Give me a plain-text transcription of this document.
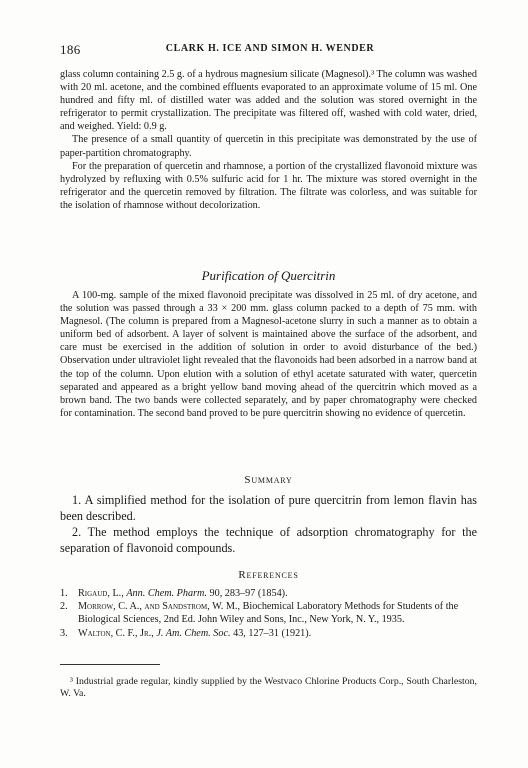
186	CLARK H. ICE AND SIMON H. WENDER

glass column containing 2.5 g. of a hydrous magnesium silicate (Magnesol).³ The column was washed with 20 ml. acetone, and the combined effluents evaporated to an approximate volume of 15 ml. One hundred and fifty ml. of distilled water was added and the solution was stored overnight in the refrigerator to permit crystallization. The precipitate was filtered off, washed with cold water, dried, and weighed. Yield: 0.9 g.

The presence of a small quantity of quercetin in this precipitate was demonstrated by the use of paper-partition chromatography.

For the preparation of quercetin and rhamnose, a portion of the crystallized flavonoid mixture was hydrolyzed by refluxing with 0.5% sulfuric acid for 1 hr. The mixture was stored overnight in the refrigerator and the quercetin removed by filtration. The filtrate was colorless, and was suitable for the isolation of rhamnose without decolorization.

Purification of Quercitrin

A 100-mg. sample of the mixed flavonoid precipitate was dissolved in 25 ml. of dry acetone, and the solution was passed through a 33 × 200 mm. glass column packed to a depth of 75 mm. with Magnesol. (The column is prepared from a Magnesol-acetone slurry in such a manner as to obtain a uniform bed of adsorbent. A layer of solvent is maintained above the surface of the adsorbent, and care must be exercised in the addition of solution in order to avoid disturbance of the bed.) Observation under ultraviolet light revealed that the flavonoids had been adsorbed in a narrow band at the top of the column. Upon elution with a solution of ethyl acetate saturated with water, quercetin separated and appeared as a bright yellow band moving ahead of the quercitrin which moved as a brown band. The two bands were collected separately, and by paper chromatography were checked for contamination. The second band proved to be pure quercitrin showing no evidence of quercetin.

Summary

1. A simplified method for the isolation of pure quercitrin from lemon flavin has been described.

2. The method employs the technique of adsorption chromatography for the separation of flavonoid compounds.

References
1. Rigaud, L., Ann. Chem. Pharm. 90, 283–97 (1854).
2. Morrow, C. A., and Sandstrom, W. M., Biochemical Laboratory Methods for Students of the Biological Sciences, 2nd Ed. John Wiley and Sons, Inc., New York, N. Y., 1935.
3. Walton, C. F., Jr., J. Am. Chem. Soc. 43, 127–31 (1921).
³ Industrial grade regular, kindly supplied by the Westvaco Chlorine Products Corp., South Charleston, W. Va.
